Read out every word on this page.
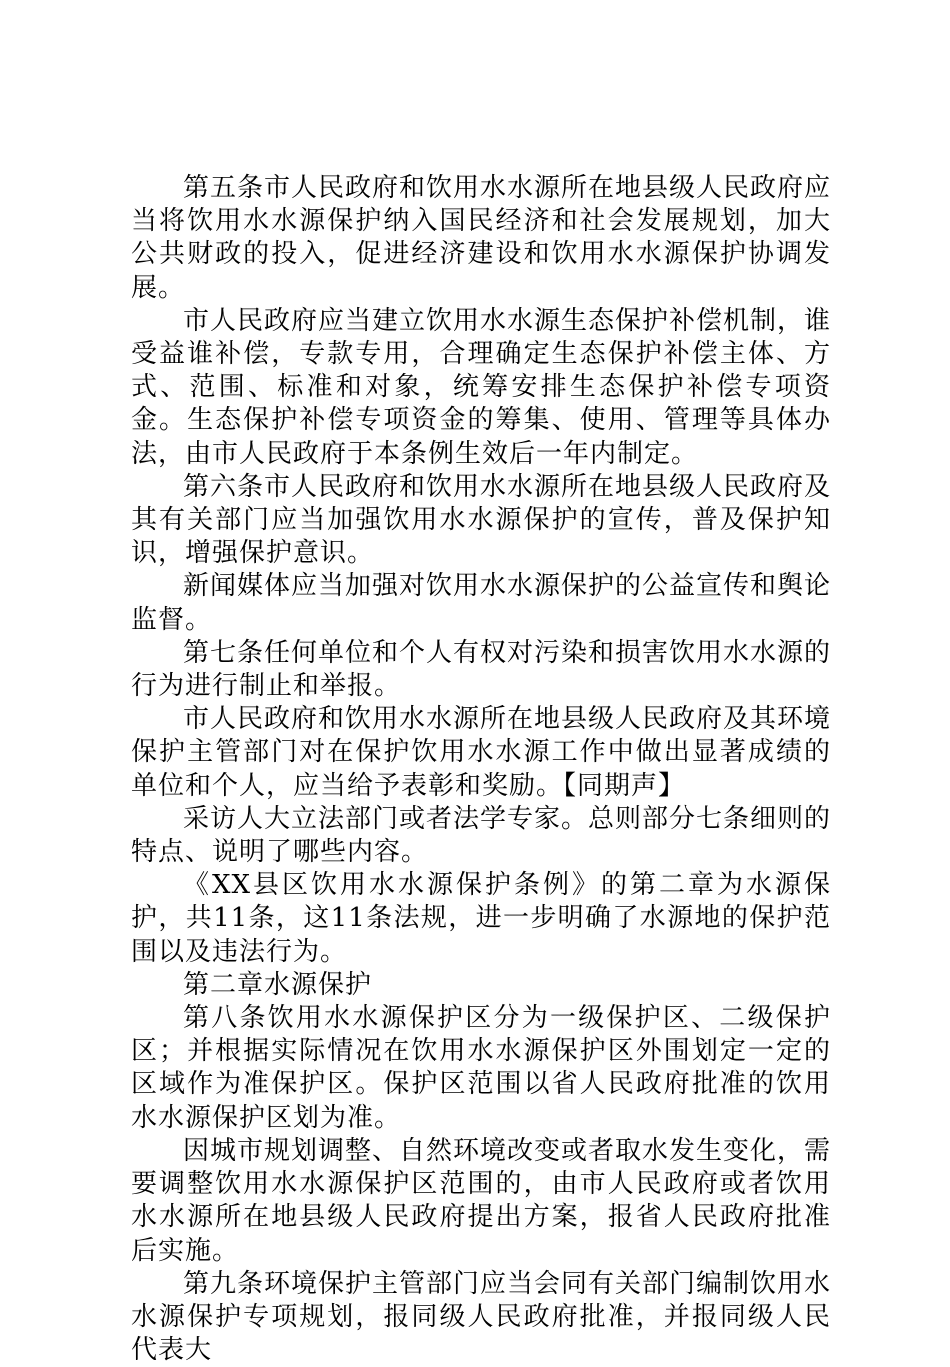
第五条市人民政府和饮用水水源所在地县级人民政府应当将饮用水水源保护纳入国民经济和社会发展规划，加大公共财政的投入，促进经济建设和饮用水水源保护协调发展。

市人民政府应当建立饮用水水源生态保护补偿机制，谁受益谁补偿，专款专用，合理确定生态保护补偿主体、方式、范围、标准和对象，统筹安排生态保护补偿专项资金。生态保护补偿专项资金的筹集、使用、管理等具体办法，由市人民政府于本条例生效后一年内制定。

第六条市人民政府和饮用水水源所在地县级人民政府及其有关部门应当加强饮用水水源保护的宣传，普及保护知识，增强保护意识。

新闻媒体应当加强对饮用水水源保护的公益宣传和舆论监督。

第七条任何单位和个人有权对污染和损害饮用水水源的行为进行制止和举报。

市人民政府和饮用水水源所在地县级人民政府及其环境保护主管部门对在保护饮用水水源工作中做出显著成绩的单位和个人，应当给予表彰和奖励。【同期声】

采访人大立法部门或者法学专家。总则部分七条细则的特点、说明了哪些内容。

《XX县区饮用水水源保护条例》的第二章为水源保护，共11条，这11条法规，进一步明确了水源地的保护范围以及违法行为。

第二章水源保护

第八条饮用水水源保护区分为一级保护区、二级保护区；并根据实际情况在饮用水水源保护区外围划定一定的区域作为准保护区。保护区范围以省人民政府批准的饮用水水源保护区划为准。

因城市规划调整、自然环境改变或者取水发生变化，需要调整饮用水水源保护区范围的，由市人民政府或者饮用水水源所在地县级人民政府提出方案，报省人民政府批准后实施。

第九条环境保护主管部门应当会同有关部门编制饮用水水源保护专项规划，报同级人民政府批准，并报同级人民代表大
